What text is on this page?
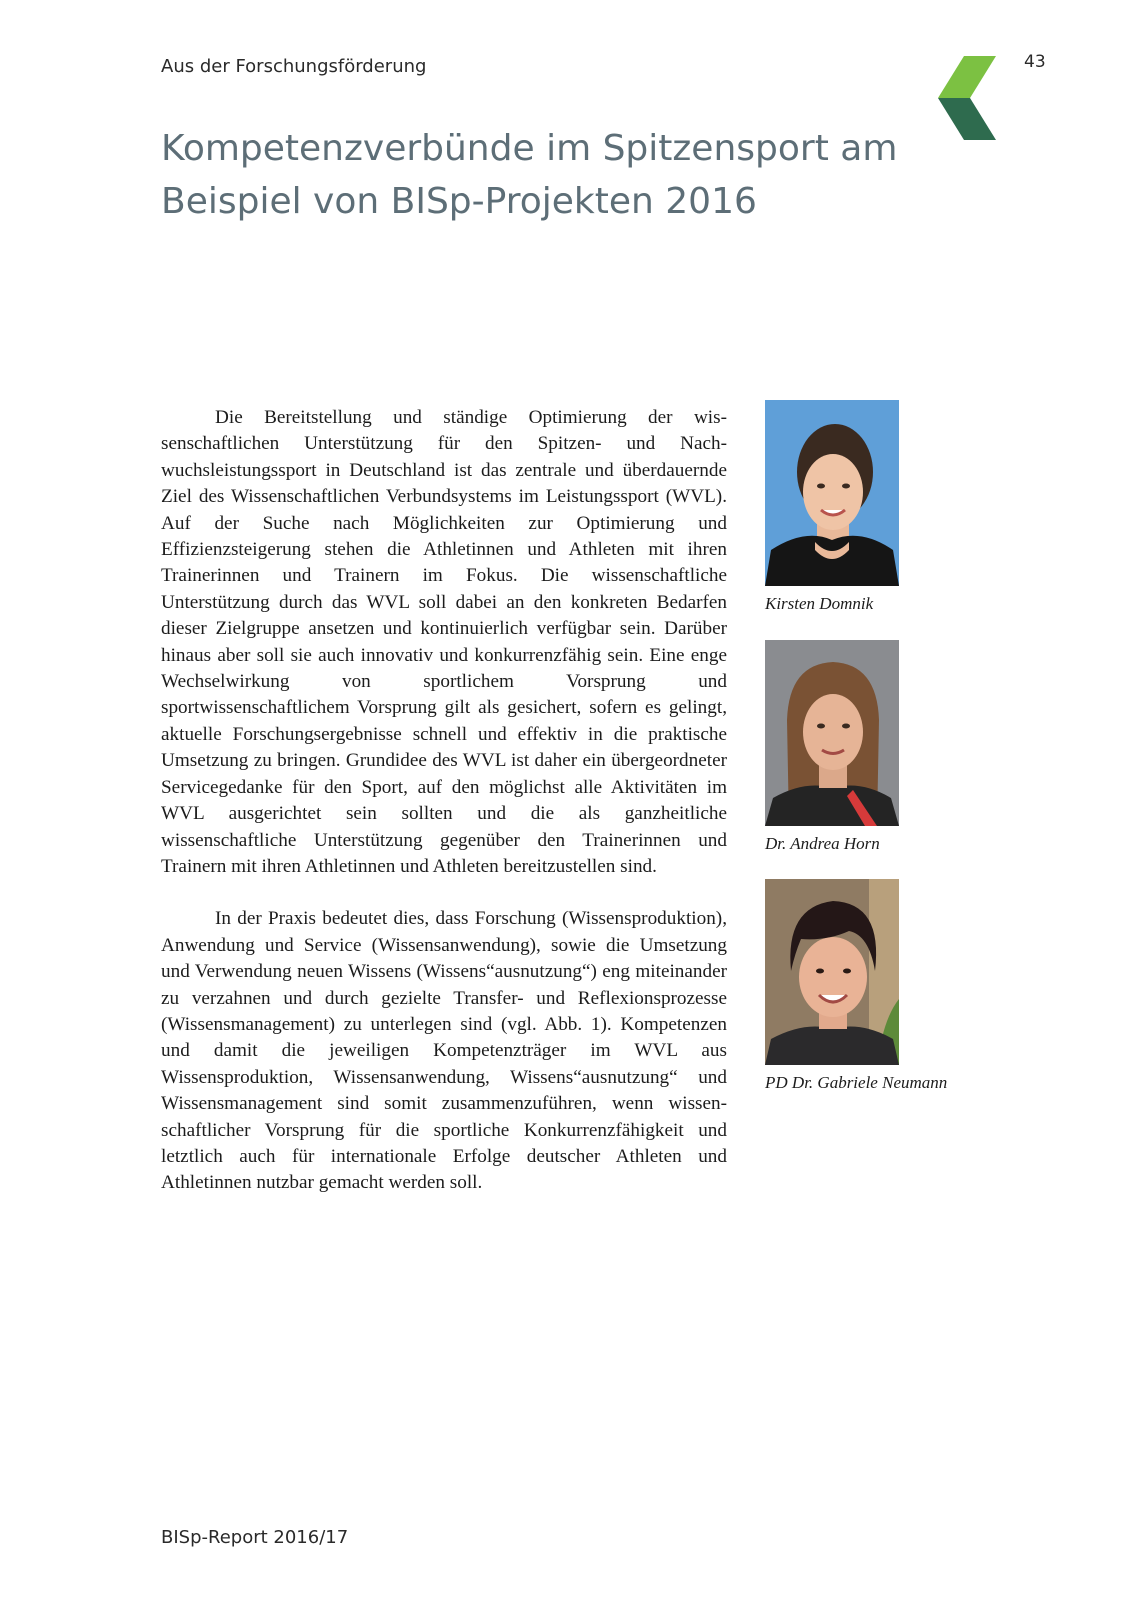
Aus der Forschungsförderung	43
Kompetenzverbünde im Spitzensport am Beispiel von BISp-Projekten 2016

Die Bereitstellung und ständige Optimierung der wissenschaftlichen Unterstützung für den Spitzen- und Nachwuchsleistungssport in Deutschland ist das zentrale und überdauernde Ziel des Wissenschaftlichen Verbundsystems im Leistungssport (WVL). Auf der Suche nach Möglichkeiten zur Optimierung und Effizienzsteigerung stehen die Athletinnen und Athleten mit ihren Trainerinnen und Trainern im Fokus. Die wissenschaftliche Unterstützung durch das WVL soll dabei an den konkreten Bedarfen dieser Zielgruppe ansetzen und kontinuierlich verfügbar sein. Darüber hinaus aber soll sie auch innovativ und konkurrenzfähig sein. Eine enge Wechselwirkung von sportlichem Vorsprung und sportwissenschaftlichem Vorsprung gilt als gesichert, sofern es gelingt, aktuelle Forschungsergebnisse schnell und effektiv in die praktische Umsetzung zu bringen. Grundidee des WVL ist daher ein übergeordneter Servicegedanke für den Sport, auf den möglichst alle Aktivitäten im WVL ausgerichtet sein sollten und die als ganzheitliche wissenschaftliche Unterstützung gegenüber den Trainerinnen und Trainern mit ihren Athletinnen und Athleten bereitzustellen sind.

In der Praxis bedeutet dies, dass Forschung (Wissensproduktion), Anwendung und Service (Wissensanwendung), sowie die Umsetzung und Verwendung neuen Wissens (Wissens“ausnutzung“) eng miteinander zu verzahnen und durch gezielte Transfer- und Reflexionsprozesse (Wissensmanagement) zu unterlegen sind (vgl. Abb. 1). Kompetenzen und damit die jeweiligen Kompetenzträger im WVL aus Wissensproduktion, Wissensanwendung, Wissens“ausnutzung“ und Wissensmanagement sind somit zusammenzuführen, wenn wissenschaftlicher Vorsprung für die sportliche Konkurrenzfähigkeit und letztlich auch für internationale Erfolge deutscher Athleten und Athletinnen nutzbar gemacht werden soll.

Kirsten Domnik
Dr. Andrea Horn
PD Dr. Gabriele Neumann
BISp-Report 2016/17
